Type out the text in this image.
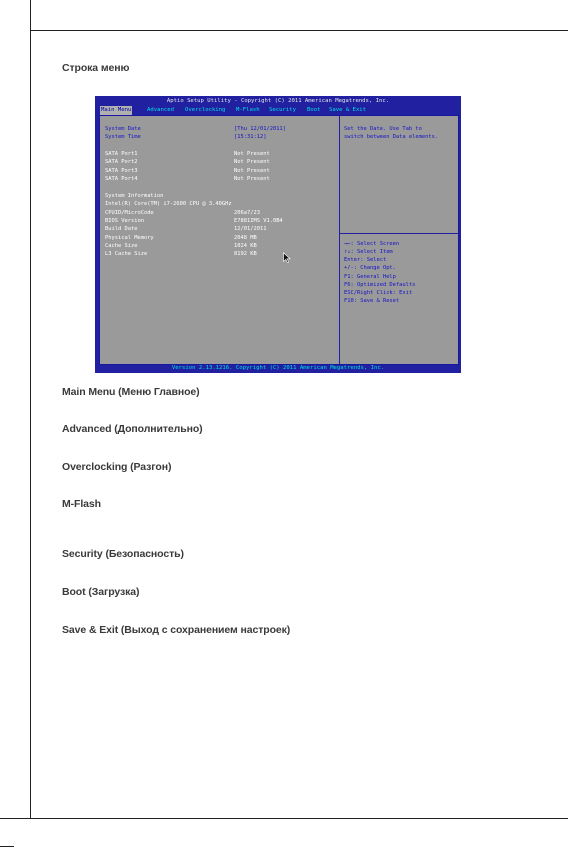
Строка меню
Aptio Setup Utility - Copyright (C) 2011 American Megatrends, Inc.
Main Menu	Advanced Overclocking M-Flash Security Boot Save & Exit
System Date	[Thu 12/01/2011]
System Time	[15:31:12]
SATA Port1	Not Present
SATA Port2	Not Present
SATA Port3	Not Present
SATA Port4	Not Present
System Information
Intel(R) Core(TM) i7-2600 CPU @ 3.40GHz
CPUID/MicroCode	206a7/23
BIOS Version	E7881IMS V1.0B4
Build Date	12/01/2011
Physical Memory	2048 MB
Cache Size	1024 KB
L3 Cache Size	8192 KB
Set the Date. Use Tab to
switch between Data elements.
→←: Select Screen
↑↓: Select Item
Enter: Select
+/-: Change Opt.
F1: General Help
F6: Optimized Defaults
ESC/Right Click: Exit
F10: Save & Reset
Version 2.13.1216. Copyright (C) 2011 American Megatrends, Inc.
Main Menu (Меню Главное)
Advanced (Дополнительно)
Overclocking (Разгон)
M-Flash
Security (Безопасность)
Boot (Загрузка)
Save & Exit (Выход с сохранением настроек)
